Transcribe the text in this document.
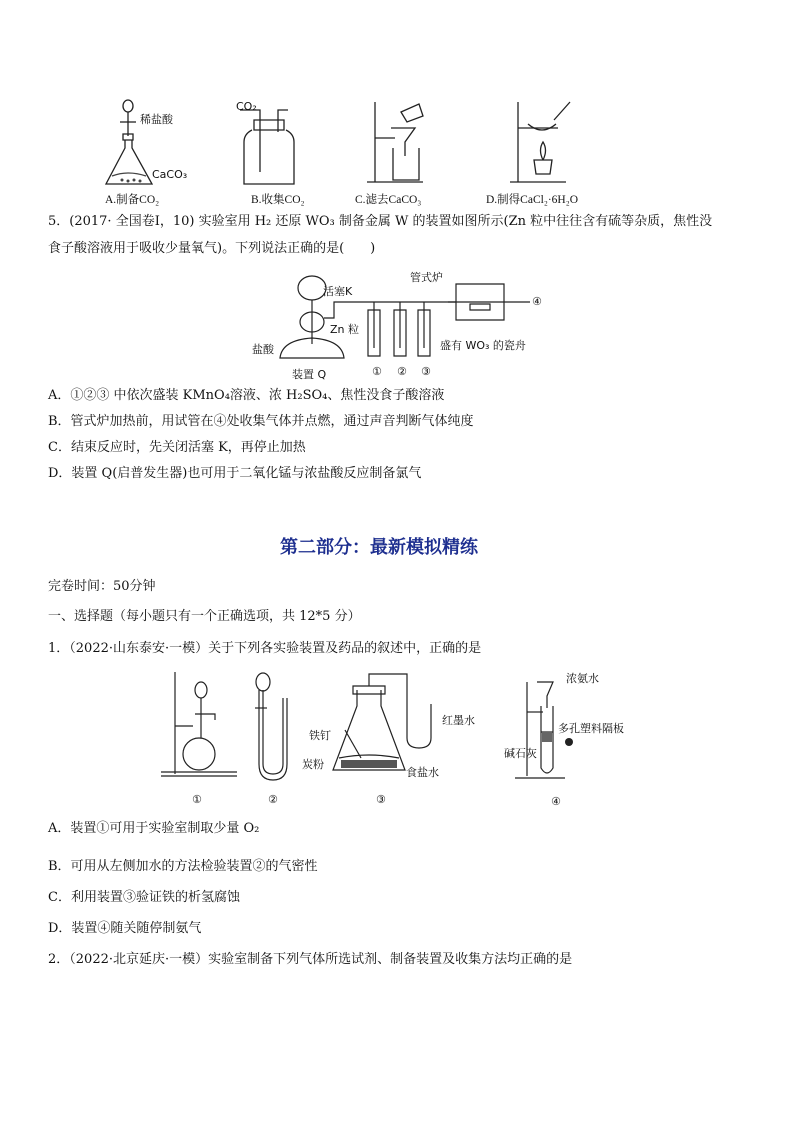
稀盐酸
CaCO₃
A.制备CO₂
CO₂
B.收集CO₂	C.滤去CaCO₃	D.制得CaCl₂·6H₂O
5．(2017· 全国卷Ⅰ，10) 实验室用 H₂ 还原 WO₃ 制备金属 W 的装置如图所示(Zn 粒中往往含有硫等杂质，焦性没
食子酸溶液用于吸收少量氧气)。下列说法正确的是(　　)
活塞K
管式炉
Zn 粒
盐酸
装置 Q	① ② ③
④
盛有 WO₃ 的瓷舟
A．①②③ 中依次盛装 KMnO₄溶液、浓 H₂SO₄、焦性没食子酸溶液
B．管式炉加热前，用试管在④处收集气体并点燃，通过声音判断气体纯度
C．结束反应时，先关闭活塞 K，再停止加热
D．装置 Q(启普发生器)也可用于二氧化锰与浓盐酸反应制备氯气
第二部分：最新模拟精练
完卷时间：50分钟
一、选择题（每小题只有一个正确选项，共 12*5 分）
1．（2022·山东泰安·一模）关于下列各实验装置及药品的叙述中，正确的是
①	②	③	④
铁钉
炭粉
食盐水
红墨水
浓氨水
多孔塑料隔板
碱石灰
A．装置①可用于实验室制取少量 O₂
B．可用从左侧加水的方法检验装置②的气密性
C．利用装置③验证铁的析氢腐蚀
D．装置④随关随停制氨气
2．（2022·北京延庆·一模）实验室制备下列气体所选试剂、制备装置及收集方法均正确的是
